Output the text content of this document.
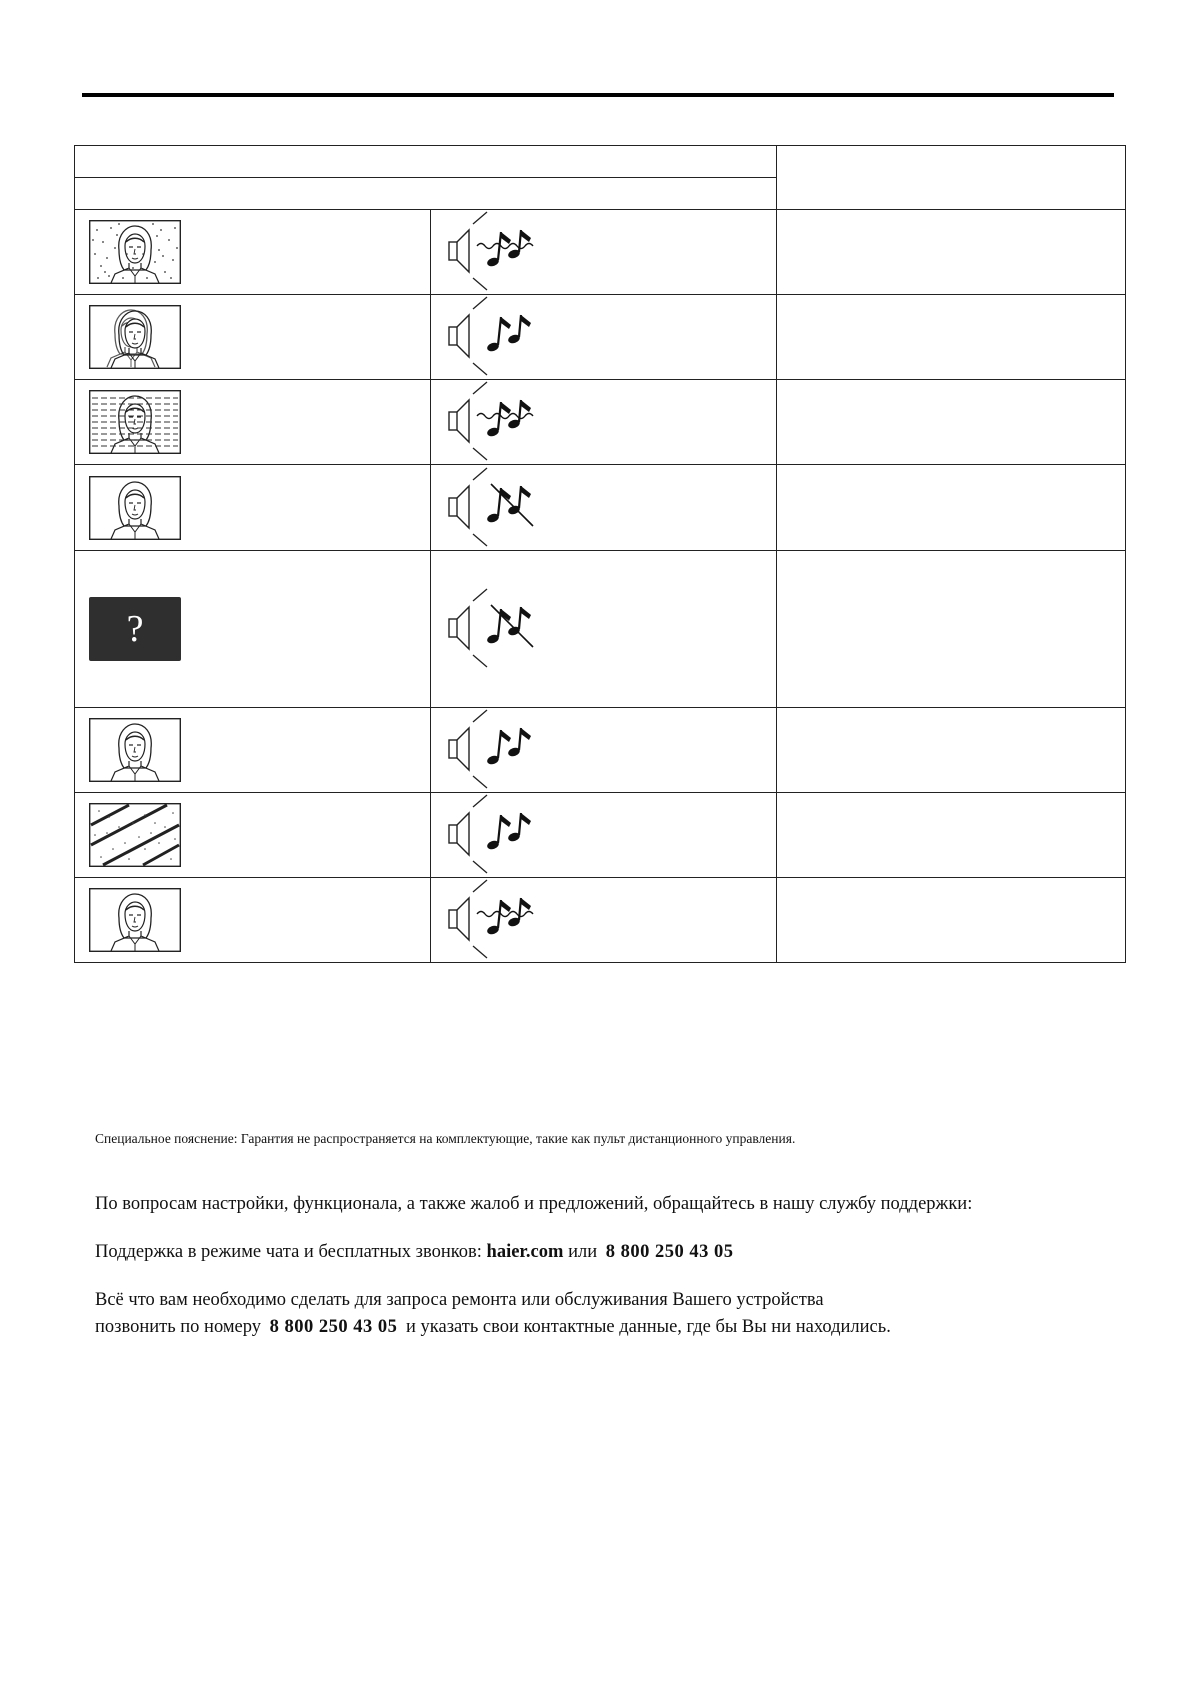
?

Специальное пояснение: Гарантия не распространяется на комплектующие, такие как пульт дистанционного управления.
По вопросам настройки, функционала, а также жалоб и предложений, обращайтесь в нашу службу поддержки:
Поддержка в режиме чата и бесплатных звонков: haier.com или 8 800 250 43 05
Всё что вам необходимо сделать для запроса ремонта или обслуживания Вашего устройства
позвонить по номеру 8 800 250 43 05 и указать свои контактные данные, где бы Вы ни находились.
